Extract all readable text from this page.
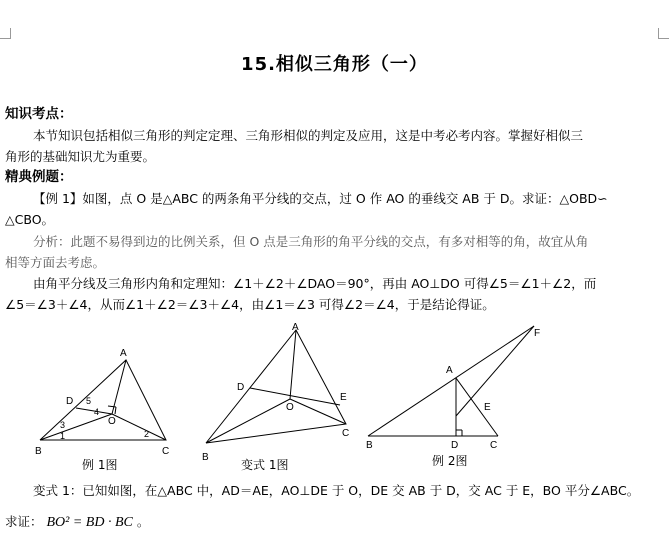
15.相似三角形（一）
知识考点：
本节知识包括相似三角形的判定定理、三角形相似的判定及应用，这是中考必考内容。掌握好相似三
角形的基础知识尤为重要。
精典例题：
【例 1】如图，点 O 是△ABC 的两条角平分线的交点，过 O 作 AO 的垂线交 AB 于 D。求证：△OBD∽
△CBO。
分析：此题不易得到边的比例关系，但 O 点是三角形的角平分线的交点，有多对相等的角，故宜从角
相等方面去考虑。
由角平分线及三角形内角和定理知：∠1＋∠2＋∠DAO＝90°，再由 AO⊥DO 可得∠5＝∠1＋∠2，而
∠5＝∠3＋∠4，从而∠1＋∠2＝∠3＋∠4，由∠1＝∠3 可得∠2＝∠4，于是结论得证。
A
B	C
D
O
1	2
3
4
5
例 1图
A
B
C
D
E
O
变式 1图
A
B	C
D
E
F
例 2图
变式 1：已知如图，在△ABC 中，AD＝AE，AO⊥DE 于 O，DE 交 AB 于 D，交 AC 于 E，BO 平分∠ABC。
求证： BO² = BD · BC 。
